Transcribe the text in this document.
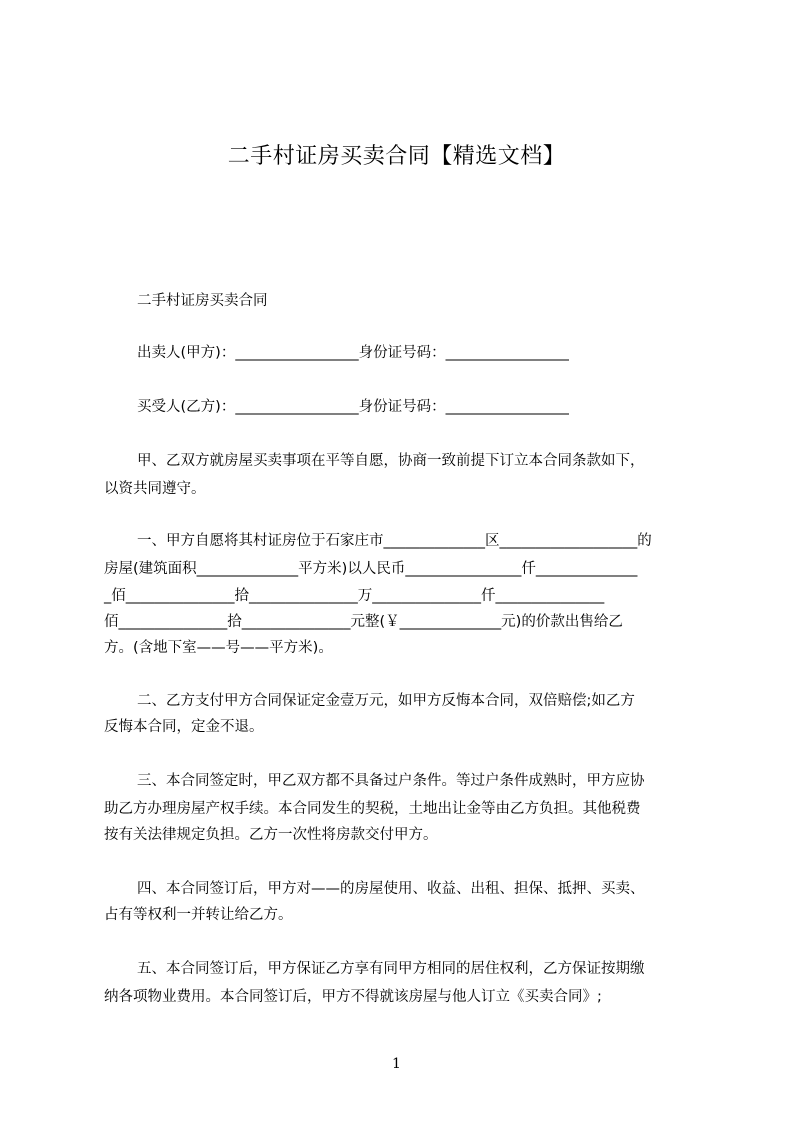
二手村证房买卖合同【精选文档】
二手村证房买卖合同
出卖人(甲方)：_________________身份证号码：_________________
买受人(乙方)：_________________身份证号码：_________________
甲、乙双方就房屋买卖事项在平等自愿，协商一致前提下订立本合同条款如下，
以资共同遵守。
一、甲方自愿将其村证房位于石家庄市______________区___________________的
房屋(建筑面积______________平方米)以人民币________________仟______________
_佰_______________拾_______________万_______________仟_______________
佰_______________拾_______________元整(￥______________元)的价款出售给乙
方。(含地下室——号——平方米)。
二、乙方支付甲方合同保证定金壹万元，如甲方反悔本合同，双倍赔偿;如乙方
反悔本合同，定金不退。
三、本合同签定时，甲乙双方都不具备过户条件。等过户条件成熟时，甲方应协
助乙方办理房屋产权手续。本合同发生的契税，土地出让金等由乙方负担。其他税费
按有关法律规定负担。乙方一次性将房款交付甲方。
四、本合同签订后，甲方对——的房屋使用、收益、出租、担保、抵押、买卖、
占有等权利一并转让给乙方。
五、本合同签订后，甲方保证乙方享有同甲方相同的居住权利，乙方保证按期缴
纳各项物业费用。本合同签订后，甲方不得就该房屋与他人订立《买卖合同》;
1
